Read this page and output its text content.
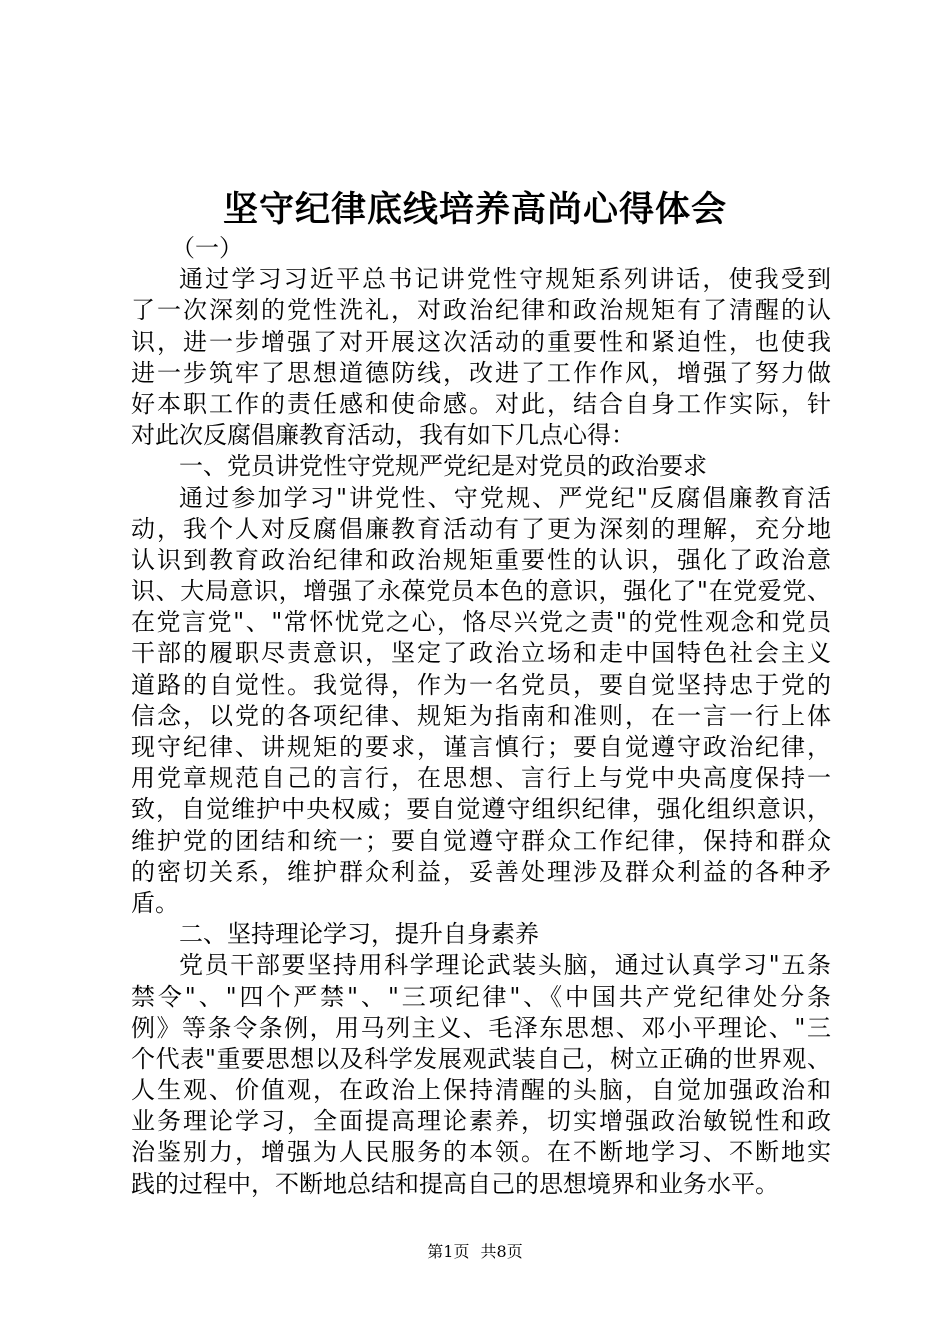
坚守纪律底线培养高尚心得体会

（一）

通过学习习近平总书记讲党性守规矩系列讲话，使我受到

了一次深刻的党性洗礼，对政治纪律和政治规矩有了清醒的认

识，进一步增强了对开展这次活动的重要性和紧迫性，也使我

进一步筑牢了思想道德防线，改进了工作作风，增强了努力做

好本职工作的责任感和使命感。对此，结合自身工作实际，针

对此次反腐倡廉教育活动，我有如下几点心得：

一、党员讲党性守党规严党纪是对党员的政治要求

通过参加学习"讲党性、守党规、严党纪"反腐倡廉教育活

动，我个人对反腐倡廉教育活动有了更为深刻的理解，充分地

认识到教育政治纪律和政治规矩重要性的认识，强化了政治意

识、大局意识，增强了永葆党员本色的意识，强化了"在党爱党、

在党言党"、"常怀忧党之心，恪尽兴党之责"的党性观念和党员

干部的履职尽责意识，坚定了政治立场和走中国特色社会主义

道路的自觉性。我觉得，作为一名党员，要自觉坚持忠于党的

信念，以党的各项纪律、规矩为指南和准则，在一言一行上体

现守纪律、讲规矩的要求，谨言慎行；要自觉遵守政治纪律，

用党章规范自己的言行，在思想、言行上与党中央高度保持一

致，自觉维护中央权威；要自觉遵守组织纪律，强化组织意识，

维护党的团结和统一；要自觉遵守群众工作纪律，保持和群众

的密切关系，维护群众利益，妥善处理涉及群众利益的各种矛

盾。

二、坚持理论学习，提升自身素养

党员干部要坚持用科学理论武装头脑，通过认真学习"五条

禁令"、"四个严禁"、"三项纪律"、《中国共产党纪律处分条

例》等条令条例，用马列主义、毛泽东思想、邓小平理论、"三

个代表"重要思想以及科学发展观武装自己，树立正确的世界观、

人生观、价值观，在政治上保持清醒的头脑，自觉加强政治和

业务理论学习，全面提高理论素养，切实增强政治敏锐性和政

治鉴别力，增强为人民服务的本领。在不断地学习、不断地实

践的过程中，不断地总结和提高自己的思想境界和业务水平。

第1页 共8页
